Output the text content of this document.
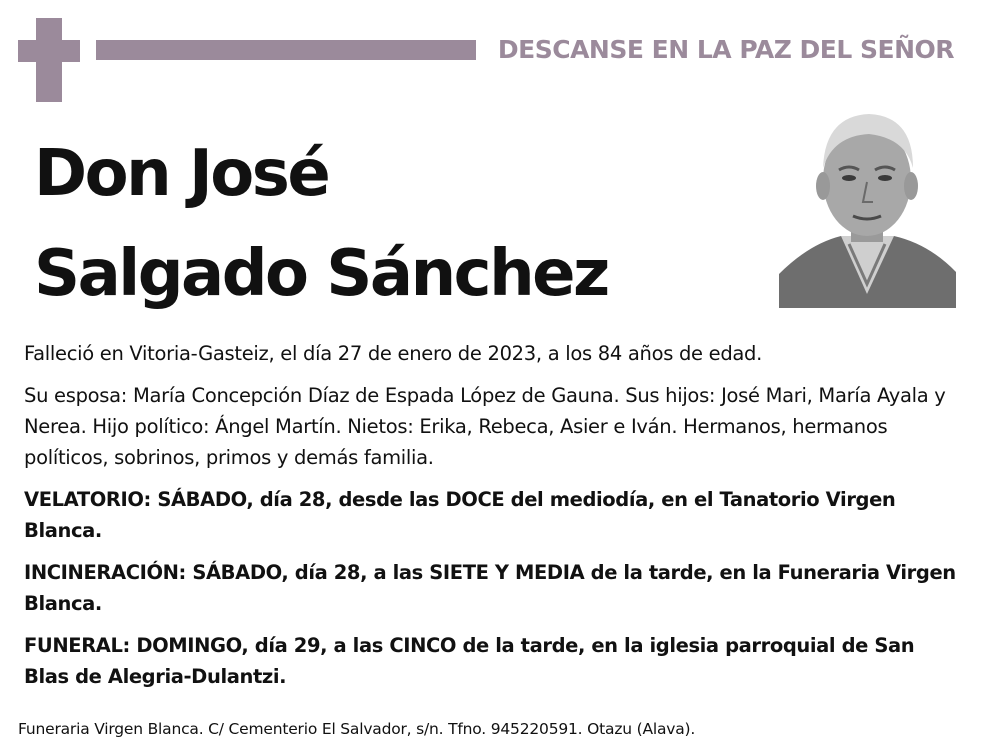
DESCANSE EN LA PAZ DEL SEÑOR
Don José
Salgado Sánchez
Falleció en Vitoria-Gasteiz, el día 27 de enero de 2023, a los 84 años de edad.
Su esposa: María Concepción Díaz de Espada López de Gauna. Sus hijos: José Mari, María Ayala y Nerea. Hijo político: Ángel Martín. Nietos: Erika, Rebeca, Asier e Iván. Hermanos, hermanos políticos, sobrinos, primos y demás familia.
VELATORIO: SÁBADO, día 28, desde las DOCE del mediodía, en el Tanatorio Virgen Blanca.
INCINERACIÓN: SÁBADO, día 28, a las SIETE Y MEDIA de la tarde, en la Funeraria Virgen Blanca.
FUNERAL: DOMINGO, día 29, a las CINCO de la tarde, en la iglesia parroquial de San Blas de Alegria-Dulantzi.
Funeraria Virgen Blanca. C/ Cementerio El Salvador, s/n. Tfno. 945220591. Otazu (Alava).
